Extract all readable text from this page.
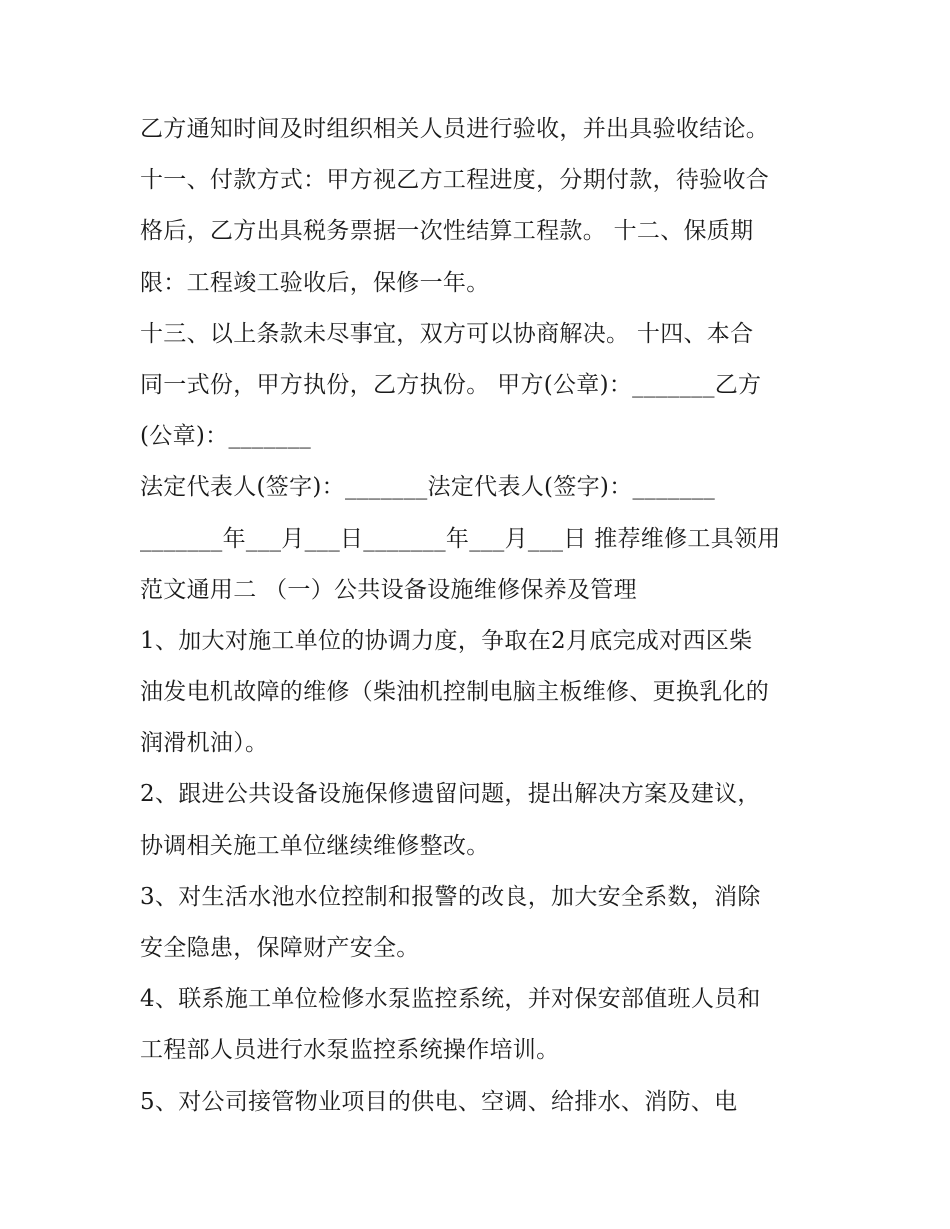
乙方通知时间及时组织相关人员进行验收，并出具验收结论。
十一、付款方式：甲方视乙方工程进度，分期付款，待验收合
格后，乙方出具税务票据一次性结算工程款。 十二、保质期
限：工程竣工验收后，保修一年。
十三、以上条款未尽事宜，双方可以协商解决。 十四、本合
同一式份，甲方执份，乙方执份。 甲方(公章)：_______乙方
(公章)：_______
法定代表人(签字)：_______法定代表人(签字)：_______
_______年___月___日_______年___月___日 推荐维修工具领用
范文通用二 （一）公共设备设施维修保养及管理
1、加大对施工单位的协调力度，争取在2月底完成对西区柴
油发电机故障的维修（柴油机控制电脑主板维修、更换乳化的
润滑机油）。
2、跟进公共设备设施保修遗留问题，提出解决方案及建议，
协调相关施工单位继续维修整改。
3、对生活水池水位控制和报警的改良，加大安全系数，消除
安全隐患，保障财产安全。
4、联系施工单位检修水泵监控系统，并对保安部值班人员和
工程部人员进行水泵监控系统操作培训。
5、对公司接管物业项目的供电、空调、给排水、消防、电
